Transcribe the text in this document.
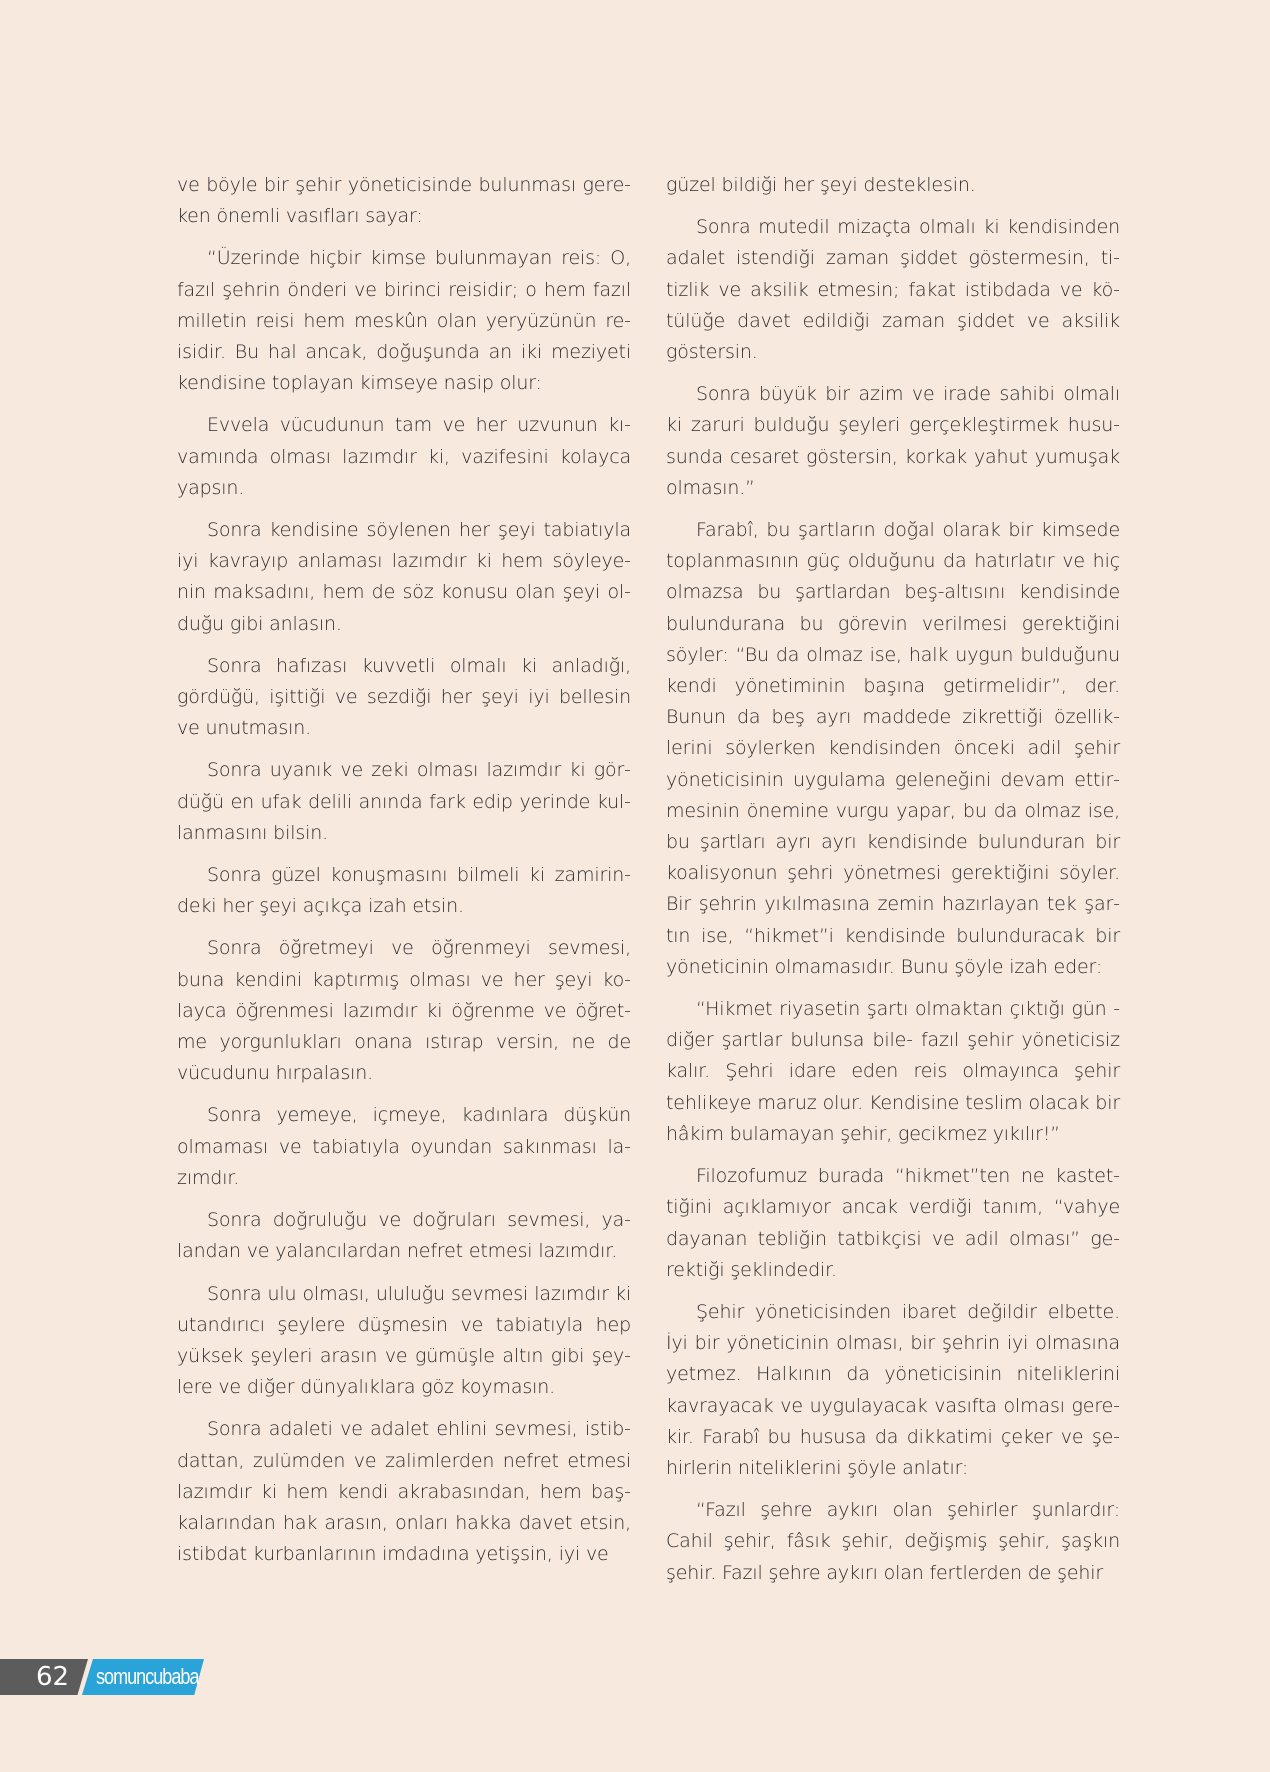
ve böyle bir şehir yöneticisinde bulunması gereken önemli vasıfları sayar:

“Üzerinde hiçbir kimse bulunmayan reis: O, fazıl şehrin önderi ve birinci reisidir; o hem fazıl milletin reisi hem meskûn olan yeryüzünün reisidir. Bu hal ancak, doğuşunda an iki meziyeti kendisine toplayan kimseye nasip olur:

Evvela vücudunun tam ve her uzvunun kıvamında olması lazımdır ki, vazifesini kolayca yapsın.

Sonra kendisine söylenen her şeyi tabiatıyla iyi kavrayıp anlaması lazımdır ki hem söyleyenin maksadını, hem de söz konusu olan şeyi olduğu gibi anlasın.

Sonra hafızası kuvvetli olmalı ki anladığı, gördüğü, işittiği ve sezdiği her şeyi iyi bellesin ve unutmasın.

Sonra uyanık ve zeki olması lazımdır ki gördüğü en ufak delili anında fark edip yerinde kullanmasını bilsin.

Sonra güzel konuşmasını bilmeli ki zamirindeki her şeyi açıkça izah etsin.

Sonra öğretmeyi ve öğrenmeyi sevmesi, buna kendini kaptırmış olması ve her şeyi kolayca öğrenmesi lazımdır ki öğrenme ve öğretme yorgunlukları onana ıstırap versin, ne de vücudunu hırpalasın.

Sonra yemeye, içmeye, kadınlara düşkün olmaması ve tabiatıyla oyundan sakınması lazımdır.

Sonra doğruluğu ve doğruları sevmesi, yalandan ve yalancılardan nefret etmesi lazımdır.

Sonra ulu olması, ululuğu sevmesi lazımdır ki utandırıcı şeylere düşmesin ve tabiatıyla hep yüksek şeyleri arasın ve gümüşle altın gibi şeylere ve diğer dünyalıklara göz koymasın.

Sonra adaleti ve adalet ehlini sevmesi, istibdattan, zulümden ve zalimlerden nefret etmesi lazımdır ki hem kendi akrabasından, hem başkalarından hak arasın, onları hakka davet etsin, istibdat kurbanlarının imdadına yetişsin, iyi ve

güzel bildiği her şeyi desteklesin.

Sonra mutedil mizaçta olmalı ki kendisinden adalet istendiği zaman şiddet göstermesin, titizlik ve aksilik etmesin; fakat istibdada ve kötülüğe davet edildiği zaman şiddet ve aksilik göstersin.

Sonra büyük bir azim ve irade sahibi olmalı ki zaruri bulduğu şeyleri gerçekleştirmek hususunda cesaret göstersin, korkak yahut yumuşak olmasın.”

Farabî, bu şartların doğal olarak bir kimsede toplanmasının güç olduğunu da hatırlatır ve hiç olmazsa bu şartlardan beş-altısını kendisinde bulundurana bu görevin verilmesi gerektiğini söyler: “Bu da olmaz ise, halk uygun bulduğunu kendi yönetiminin başına getirmelidir”, der. Bunun da beş ayrı maddede zikrettiği özelliklerini söylerken kendisinden önceki adil şehir yöneticisinin uygulama geleneğini devam ettirmesinin önemine vurgu yapar, bu da olmaz ise, bu şartları ayrı ayrı kendisinde bulunduran bir koalisyonun şehri yönetmesi gerektiğini söyler. Bir şehrin yıkılmasına zemin hazırlayan tek şartın ise, “hikmet”i kendisinde bulunduracak bir yöneticinin olmamasıdır. Bunu şöyle izah eder:

“Hikmet riyasetin şartı olmaktan çıktığı gün -diğer şartlar bulunsa bile- fazıl şehir yöneticisiz kalır. Şehri idare eden reis olmayınca şehir tehlikeye maruz olur. Kendisine teslim olacak bir hâkim bulamayan şehir, gecikmez yıkılır!”

Filozofumuz burada “hikmet”ten ne kastettiğini açıklamıyor ancak verdiği tanım, “vahye dayanan tebliğin tatbikçisi ve adil olması” gerektiği şeklindedir.

Şehir yöneticisinden ibaret değildir elbette. İyi bir yöneticinin olması, bir şehrin iyi olmasına yetmez. Halkının da yöneticisinin niteliklerini kavrayacak ve uygulayacak vasıfta olması gerekir. Farabî bu hususa da dikkatimi çeker ve şehirlerin niteliklerini şöyle anlatır:

“Fazıl şehre aykırı olan şehirler şunlardır: Cahil şehir, fâsık şehir, değişmiş şehir, şaşkın şehir. Fazıl şehre aykırı olan fertlerden de şehir

62 somuncubaba
